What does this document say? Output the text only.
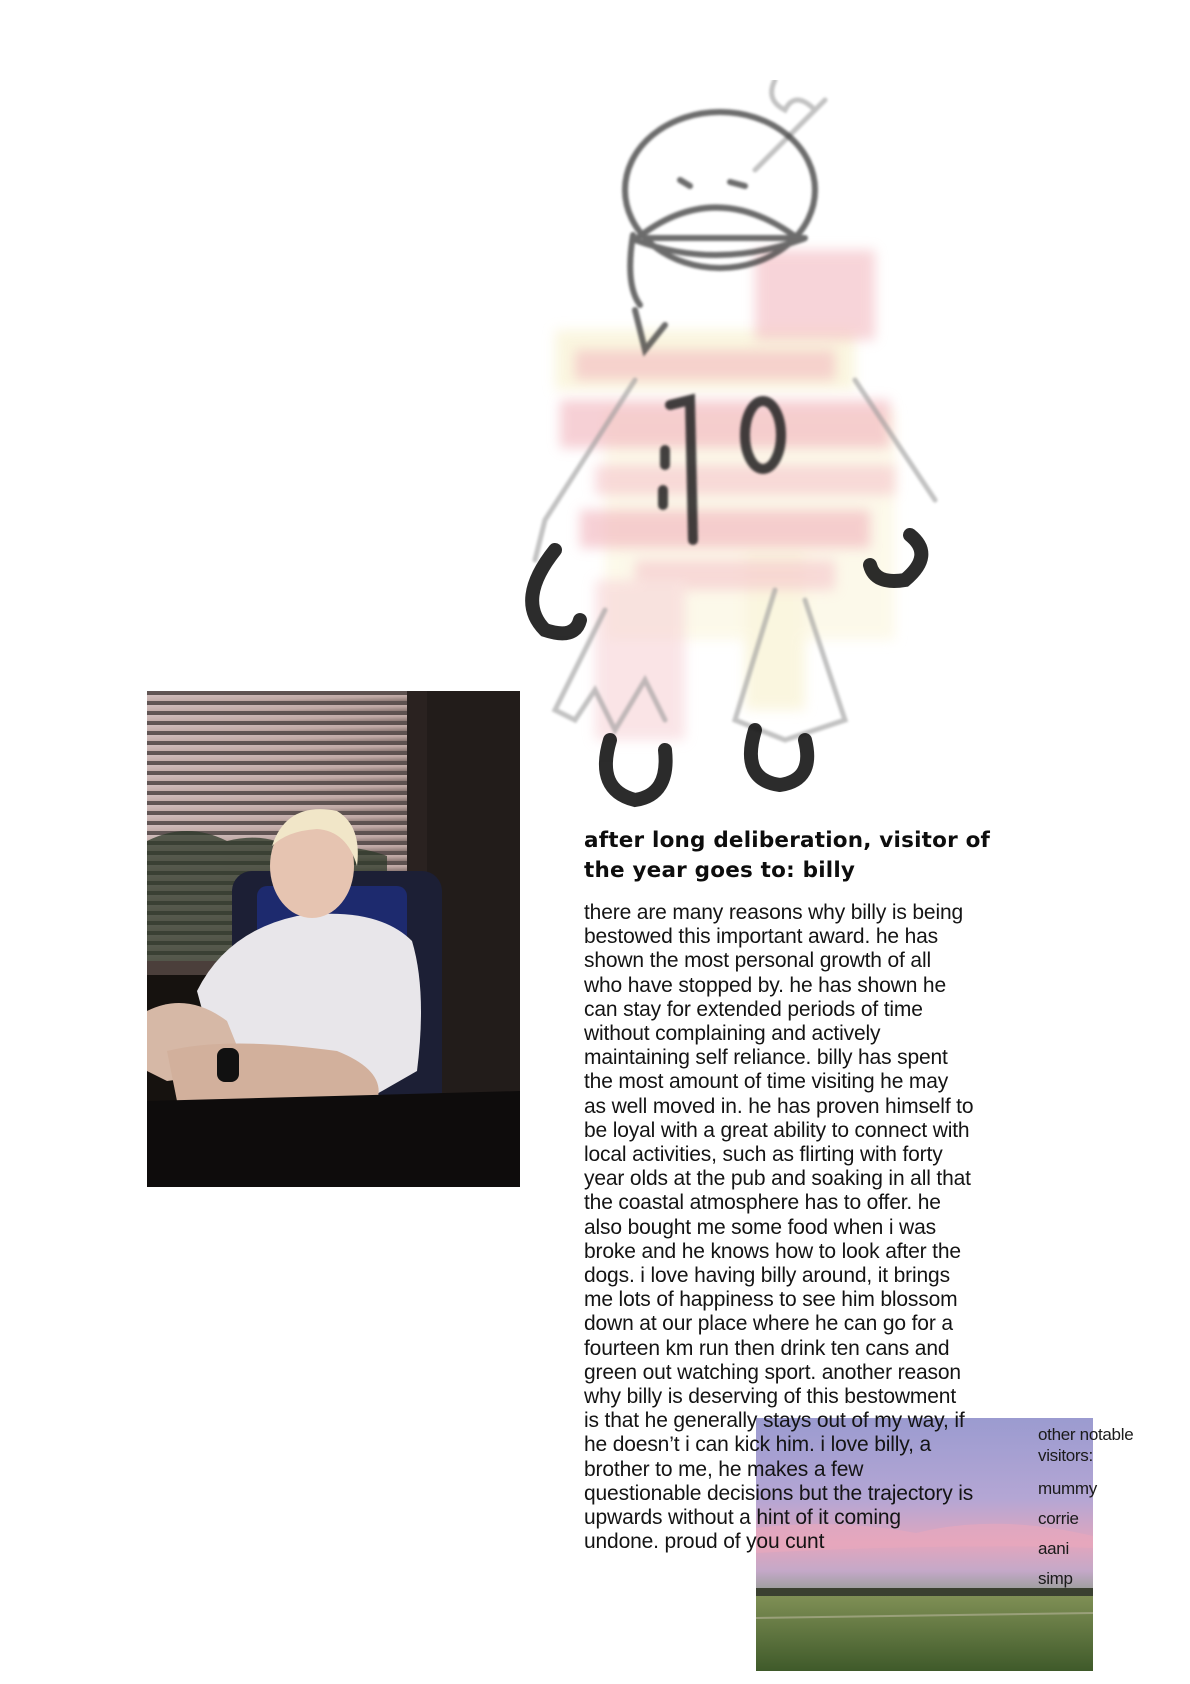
after long deliberation, visitor of the year goes to: billy

there are many reasons why billy is being bestowed this important award. he has shown the most personal growth of all who have stopped by. he has shown he can stay for extended periods of time without complaining and actively maintaining self reliance. billy has spent the most amount of time visiting he may as well moved in. he has proven himself to be loyal with a great ability to connect with local activities, such as flirting with forty year olds at the pub and soaking in all that the coastal atmosphere has to offer. he also bought me some food when i was broke and he knows how to look after the dogs. i love having billy around, it brings me lots of happiness to see him blossom down at our place where he can go for a fourteen km run then drink ten cans and green out watching sport. another reason why billy is deserving of this bestowment is that he generally stays out of my way, if he doesn’t i can kick him. i love billy, a brother to me, he makes a few questionable decisions but the trajectory is upwards without a hint of it coming undone. proud of you cunt

other notable visitors:
mummy
corrie
aani
simp
